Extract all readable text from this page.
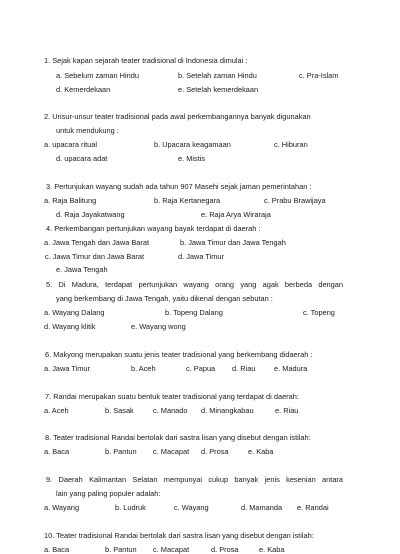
1. Sejak kapan sejarah teater tradisional di Indonesia dimulai :
a. Sebelum zaman Hindu	b. Setelah zaman Hindu	c. Pra-Islam
d. Kemerdekaan	e. Setelah kemerdekaan
2. Unsur-unsur teater tradisional pada awal perkembangannya banyak digunakan
untuk mendukung :
a. upacara ritual	b. Upacara keagamaan	c. Hiburan
d. upacara adat	e. Mistis
3. Pertunjukan wayang sudah ada tahun 907 Masehi sejak jaman pemerintahan :
a. Raja Balitung	b. Raja Kertanegara	c. Prabu Brawijaya
d. Raja Jayakatwang	e. Raja Arya Wiraraja
4. Perkembangan pertunjukan wayang bayak terdapat di daerah :
a. Jawa Tengah dan Jawa Barat	b. Jawa Timur dan Jawa Tengah
c. Jawa Timur dan Jawa Barat	d. Jawa Timur
e. Jawa Tengah
5. Di Madura, terdapat pertunjukan wayang orang yang agak berbeda dengan
yang berkembang di Jawa Tengah, yaitu dikenal dengan sebutan :
a. Wayang Dalang	b. Topeng Dalang	c. Topeng
d. Wayang klitik	e. Wayang wong
6. Makyong merupakan suatu jenis teater tradisional yang berkembang didaerah :
a. Jawa Timur	b. Aceh	c. Papua d. Riau	e. Madura
7. Randai merupakan suatu bentuk teater tradisional yang terdapat di daerah:
a. Aceh	b. Sasak	c. Manado d. Minangkabau	e. Riau
8. Teater tradisional Randai bertolak dari sastra lisan yang disebut dengan istilah:
a. Baca	b. Pantun c. Macapat d. Prosa	e. Kaba
9. Daerah Kalimantan Selatan mempunyai cukup banyak jenis kesenian antara
lain yang paling populer adalah:
a. Wayang	b. Ludruk	c. Wayang	d. Mamanda e. Randai
10. Teater tradisional Randai bertolak dari sastra lisan yang disebut dengan istilah:
a. Baca	b. Pantun c. Macapat	d. Prosa	e. Kaba
